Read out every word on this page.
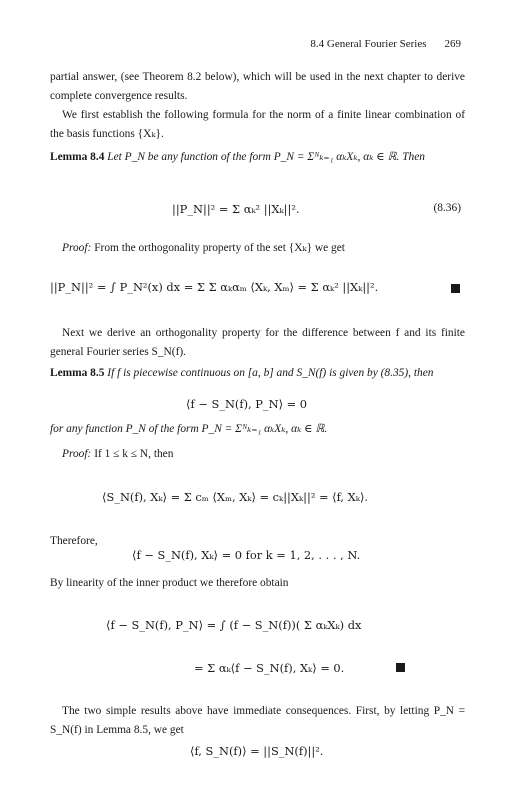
8.4 General Fourier Series 269
partial answer, (see Theorem 8.2 below), which will be used in the next chapter to derive complete convergence results.
We first establish the following formula for the norm of a finite linear combination of the basis functions {Xₖ}.
Lemma 8.4 Let P_N be any function of the form P_N = Σᴺₖ₌₁ αₖXₖ, αₖ ∈ ℝ. Then
||P_N||² = Σ αₖ² ||Xₖ||².	(8.36)
Proof: From the orthogonality property of the set {Xₖ} we get
||P_N||² = ∫ P_N²(x) dx = Σ Σ αₖαₘ ⟨Xₖ, Xₘ⟩ = Σ αₖ² ||Xₖ||².
Next we derive an orthogonality property for the difference between f and its finite general Fourier series S_N(f).
Lemma 8.5 If f is piecewise continuous on [a, b] and S_N(f) is given by (8.35), then
⟨f − S_N(f), P_N⟩ = 0
for any function P_N of the form P_N = Σᴺₖ₌₁ αₖXₖ, αₖ ∈ ℝ.
Proof: If 1 ≤ k ≤ N, then
⟨S_N(f), Xₖ⟩ = Σ cₘ ⟨Xₘ, Xₖ⟩ = cₖ||Xₖ||² = ⟨f, Xₖ⟩.
Therefore,
⟨f − S_N(f), Xₖ⟩ = 0 for k = 1, 2, . . . , N.
By linearity of the inner product we therefore obtain
⟨f − S_N(f), P_N⟩ = ∫ (f − S_N(f))( Σ αₖXₖ) dx
= Σ αₖ⟨f − S_N(f), Xₖ⟩ = 0.
The two simple results above have immediate consequences. First, by letting P_N = S_N(f) in Lemma 8.5, we get
⟨f, S_N(f)⟩ = ||S_N(f)||².
